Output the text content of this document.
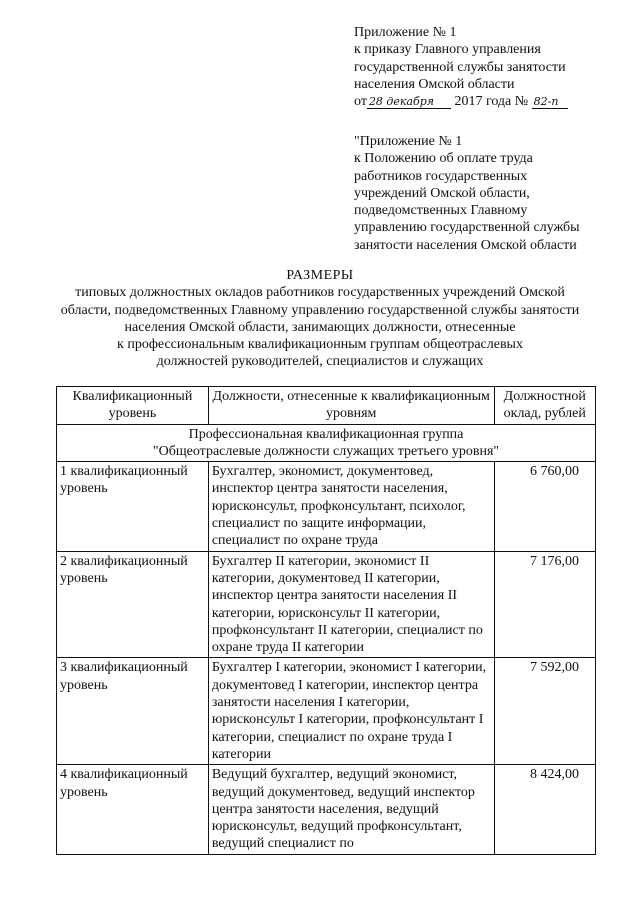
Приложение № 1
к приказу Главного управления
государственной службы занятости
населения Омской области
от 28 декабря 2017 года № 82-п
"Приложение № 1
к Положению об оплате труда
работников государственных
учреждений Омской области,
подведомственных Главному
управлению государственной службы
занятости населения Омской области
РАЗМЕРЫ
типовых должностных окладов работников государственных учреждений Омской
области, подведомственных Главному управлению государственной службы занятости
населения Омской области, занимающих должности, отнесенные
к профессиональным квалификационным группам общеотраслевых
должностей руководителей, специалистов и служащих
Квалификационный уровень	Должности, отнесенные к квалификационным уровням	Должностной оклад, рублей

Профессиональная квалификационная группа
"Общеотраслевые должности служащих третьего уровня"		

1 квалификационный уровень	Бухгалтер, экономист, документовед, инспектор центра занятости населения, юрисконсульт, профконсультант, психолог, специалист по защите информации, специалист по охране труда	6 760,00
2 квалификационный уровень	Бухгалтер II категории, экономист II категории, документовед II категории, инспектор центра занятости населения II категории, юрисконсульт II категории, профконсультант II категории, специалист по охране труда II категории	7 176,00
3 квалификационный уровень	Бухгалтер I категории, экономист I категории, документовед I категории, инспектор центра занятости населения I категории, юрисконсульт I категории, профконсультант I категории, специалист по охране труда I категории	7 592,00
4 квалификационный уровень	Ведущий бухгалтер, ведущий экономист, ведущий документовед, ведущий инспектор центра занятости населения, ведущий юрисконсульт, ведущий профконсультант, ведущий специалист по	8 424,00
